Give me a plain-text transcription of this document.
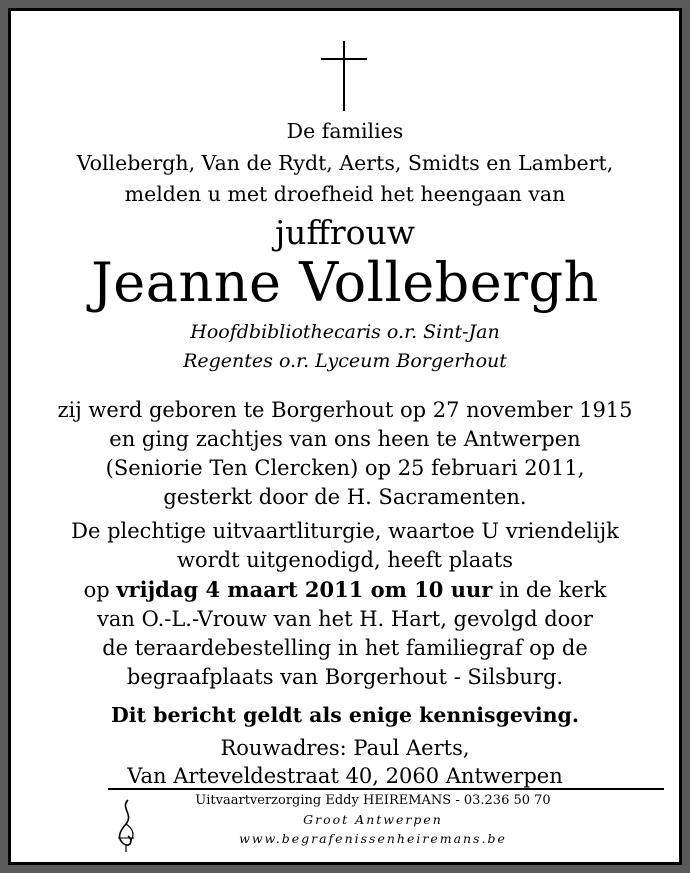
De families
Vollebergh, Van de Rydt, Aerts, Smidts en Lambert,
melden u met droefheid het heengaan van
juffrouw
Jeanne Vollebergh
Hoofdbibliothecaris o.r. Sint-Jan
Regentes o.r. Lyceum Borgerhout
zij werd geboren te Borgerhout op 27 november 1915
en ging zachtjes van ons heen te Antwerpen
(Seniorie Ten Clercken) op 25 februari 2011,
gesterkt door de H. Sacramenten.
De plechtige uitvaartliturgie, waartoe U vriendelijk
wordt uitgenodigd, heeft plaats
op vrijdag 4 maart 2011 om 10 uur in de kerk
van O.-L.-Vrouw van het H. Hart, gevolgd door
de teraardebestelling in het familiegraf op de
begraafplaats van Borgerhout - Silsburg.
Dit bericht geldt als enige kennisgeving.
Rouwadres: Paul Aerts,
Van Arteveldestraat 40, 2060 Antwerpen
Uitvaartverzorging Eddy HEIREMANS - 03.236 50 70
Groot Antwerpen
www.begrafenissenheiremans.be
